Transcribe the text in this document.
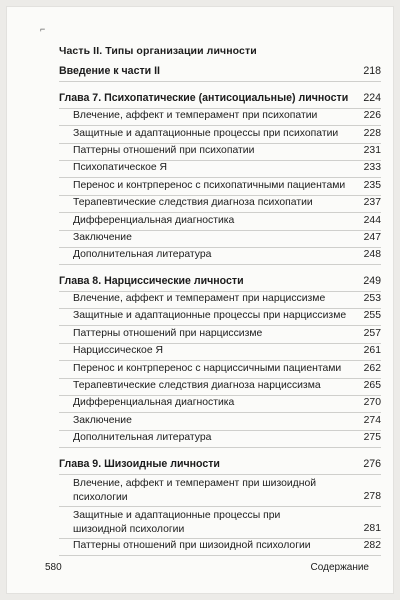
⌐
Часть II. Типы организации личности
Введение к части II	218
Глава 7. Психопатические (антисоциальные) личности 224
Влечение, аффект и темперамент при психопатии	226
Защитные и адаптационные процессы при психопатии 228
Паттерны отношений при психопатии	231
Психопатическое Я	233
Перенос и контрперенос с психопатичными пациентами 235
Терапевтические следствия диагноза психопатии	237
Дифференциальная диагностика	244
Заключение	247
Дополнительная литература	248
Глава 8. Нарциссические личности	249
Влечение, аффект и темперамент при нарциссизме	253
Защитные и адаптационные процессы при нарциссизме 255
Паттерны отношений при нарциссизме	257
Нарциссическое Я	261
Перенос и контрперенос с нарциссичными пациентами 262
Терапевтические следствия диагноза нарциссизма	265
Дифференциальная диагностика	270
Заключение	274
Дополнительная литература	275
Глава 9. Шизоидные личности	276
Влечение, аффект и темперамент при шизоидной психологии	278
Защитные и адаптационные процессы при шизоидной психологии	281
Паттерны отношений при шизоидной психологии	282
580	Содержание
